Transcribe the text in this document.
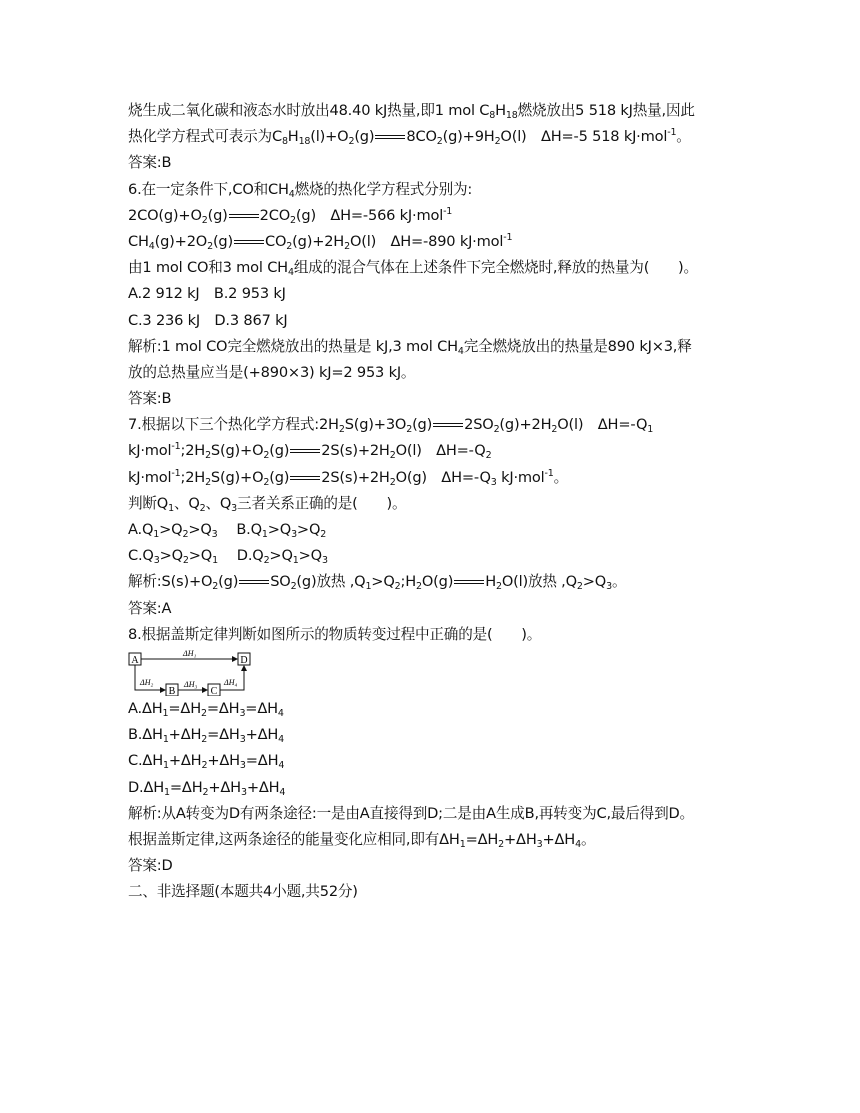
烧生成二氧化碳和液态水时放出48.40 kJ热量,即1 mol $C_8H_{18}$燃烧放出5 518 kJ热量,因此
热化学方程式可表示为$C_8H_{18}(l)+O_2(g)$ $8CO_2(g)+9H_2O(l)$　ΔH=-5 518 kJ·mol$^{-1}$。
答案:B
6.在一定条件下,CO和$CH_4$燃烧的热化学方程式分别为:
$2CO(g)+O_2(g)$ $2CO_2(g)$　ΔH=-566 kJ·mol$^{-1}$
$CH_4(g)+2O_2(g)$ $CO_2(g)+2H_2O(l)$　ΔH=-890 kJ·mol$^{-1}$
由1 mol CO和3 mol $CH_4$组成的混合气体在上述条件下完全燃烧时,释放的热量为(　　)。
A.2 912 kJ　B.2 953 kJ
C.3 236 kJ　D.3 867 kJ
解析:1 mol CO完全燃烧放出的热量是 kJ,3 mol $CH_4$完全燃烧放出的热量是890 kJ×3,释
放的总热量应当是(+890×3) kJ=2 953 kJ。
答案:B
7.根据以下三个热化学方程式$:2H_2S(g)+3O_2(g)$ $2SO_2(g)+2H_2O(l)$　$\Delta H=-Q_1$
$kJ\cdot mol^{-1};2H_2S(g)+O_2(g)$ $2S(s)+2H_2O(l)$　$\Delta H=-Q_2$
$kJ\cdot mol^{-1};2H_2S(g)+O_2(g)$ $2S(s)+2H_2O(g)$　$\Delta H=-Q_3$ kJ·mol$^{-1}$。
判断$Q_1$、$Q_2$、$Q_3$三者关系正确的是(　　)。
$A.Q_1>Q_2>Q_3$　 $B.Q_1>Q_3>Q_2$
$C.Q_3>Q_2>Q_1$　 $D.Q_2>Q_1>Q_3$
解析$:S(s)+O_2(g)$ $SO_2(g)$放热 $,Q_1>Q_2;H_2O(g)$ $H_2O(l)$放热 $,Q_2>Q_3$。
答案:A
8.根据盖斯定律判断如图所示的物质转变过程中正确的是(　　)。
A	D
B	C
ΔH₁
ΔH₂	ΔH₃	ΔH₄
$A.\Delta H_1=\Delta H_2=\Delta H_3=\Delta H_4$
$B.\Delta H_1+\Delta H_2=\Delta H_3+\Delta H_4$
$C.\Delta H_1+\Delta H_2+\Delta H_3=\Delta H_4$
$D.\Delta H_1=\Delta H_2+\Delta H_3+\Delta H_4$
解析:从A转变为D有两条途径:一是由A直接得到D;二是由A生成B,再转变为C,最后得到D。
根据盖斯定律,这两条途径的能量变化应相同,即有$\Delta H_1=\Delta H_2+\Delta H_3+\Delta H_4$。
答案:D
二、非选择题(本题共4小题,共52分)
